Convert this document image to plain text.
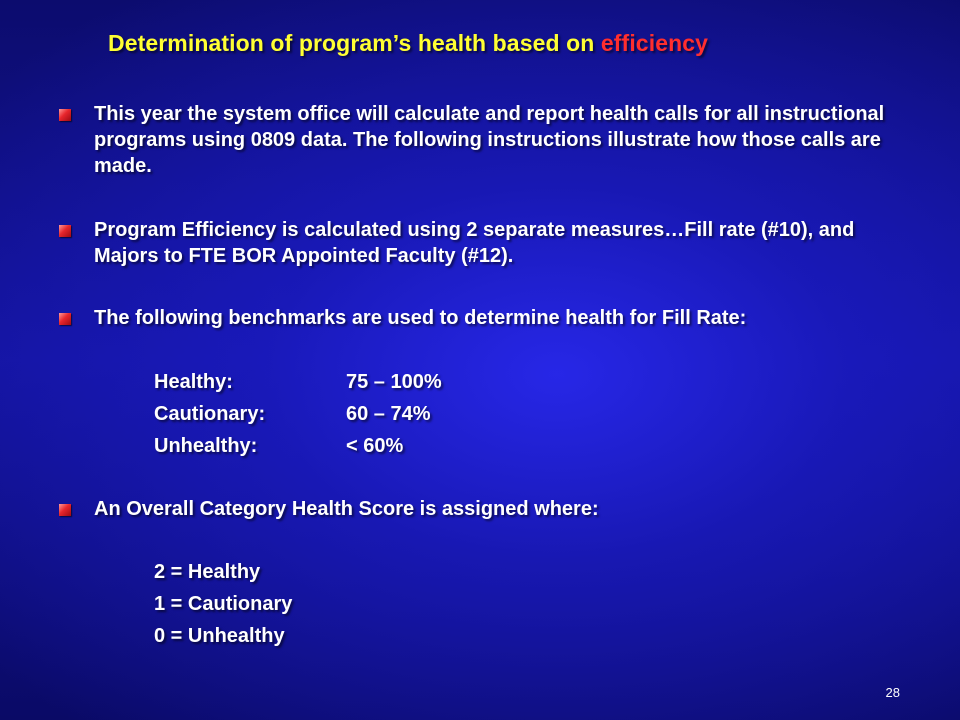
Determination of program’s health based on efficiency
This year the system office will calculate and report health calls for all instructional programs using 0809 data. The following instructions illustrate how those calls are made.
Program Efficiency is calculated using 2 separate measures…Fill rate (#10), and Majors to FTE BOR Appointed Faculty (#12).
The following benchmarks are used to determine health for Fill Rate:
Healthy:	75 – 100%
Cautionary:	60 – 74%
Unhealthy:	< 60%
An Overall Category Health Score is assigned where:
2 = Healthy
1 = Cautionary
0 = Unhealthy
28
